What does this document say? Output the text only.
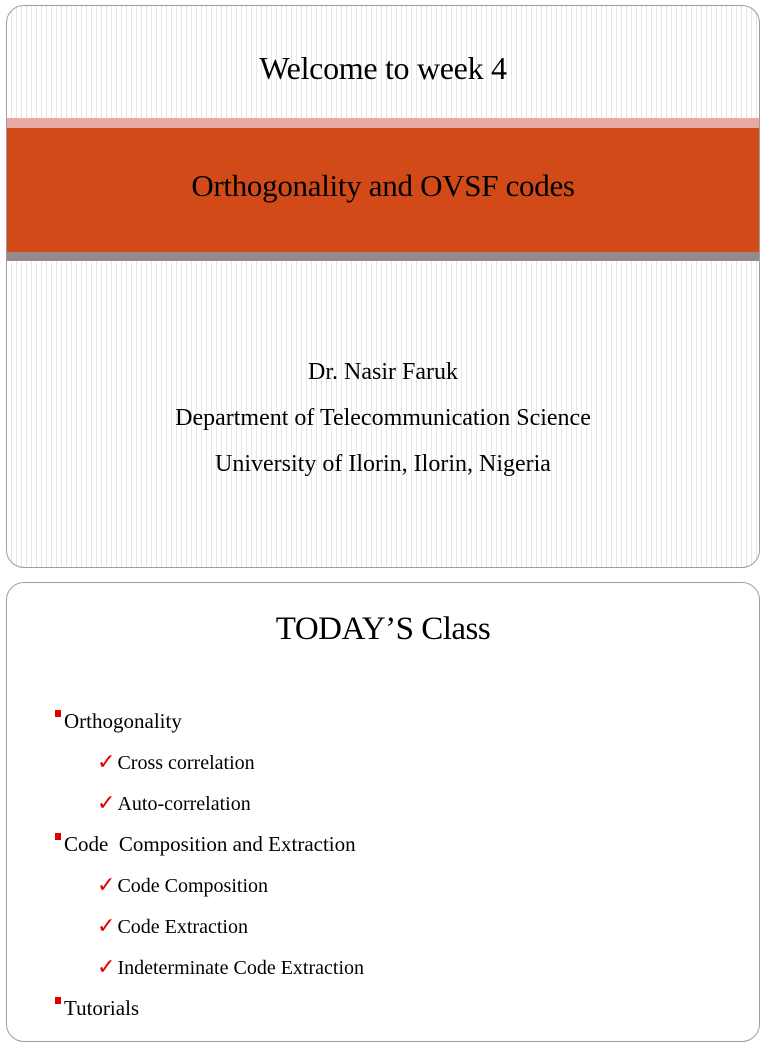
Welcome to week 4
Orthogonality and OVSF codes
Dr. Nasir Faruk
Department of Telecommunication Science
University of Ilorin, Ilorin, Nigeria
TODAY’S Class
Orthogonality
✓ Cross correlation
✓ Auto-correlation
Code  Composition and Extraction
✓ Code Composition
✓ Code Extraction
✓ Indeterminate Code Extraction
Tutorials
